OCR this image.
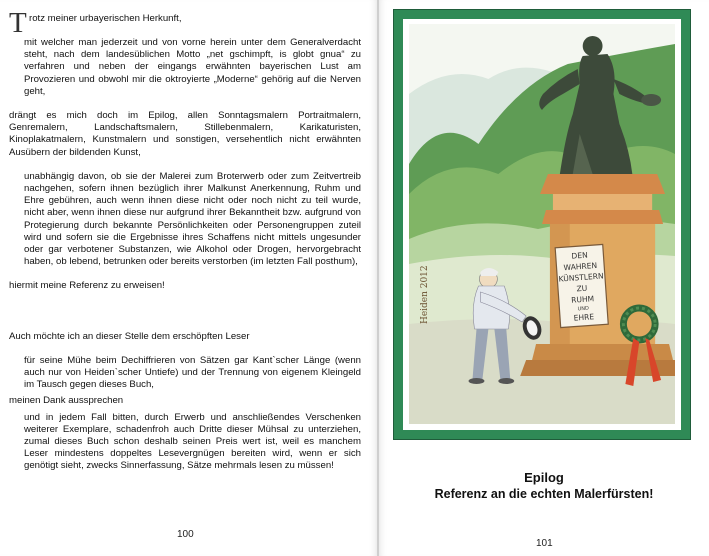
T rotz meiner urbayerischen Herkunft,

mit welcher man jederzeit und von vorne herein unter dem Generalverdacht steht, nach dem landesüblichen Motto „net gschimpft, is globt gnua“ zu verfahren und neben der eingangs erwähnten bayerischen Lust am Provozieren und obwohl mir die oktroyierte „Moderne“ gehörig auf die Nerven geht,

drängt es mich doch im Epilog, allen Sonntagsmalern Portraitmalern, Genremalern, Landschaftsmalern, Stillebenmalern, Karikaturisten, Kinoplakatmalern, Kunstmalern und sonstigen, versehentlich nicht erwähnten Ausübern der bildenden Kunst,

unabhängig davon, ob sie der Malerei zum Broterwerb oder zum Zeitvertreib nachgehen, sofern ihnen bezüglich ihrer Malkunst Anerkennung, Ruhm und Ehre gebühren, auch wenn ihnen diese nicht oder noch nicht zu teil wurde, nicht aber, wenn ihnen diese nur aufgrund ihrer Bekanntheit bzw. aufgrund von Protegierung durch bekannte Persönlichkeiten oder Personengruppen zuteil wird und sofern sie die Ergebnisse ihres Schaffens nicht mittels ungesunder oder gar verbotener Substanzen, wie Alkohol oder Drogen, hervorgebracht haben, ob lebend, betrunken oder bereits verstorben (im letzten Fall posthum),

hiermit meine Referenz zu erweisen!

Auch möchte ich an dieser Stelle dem erschöpften Leser

für seine Mühe beim Dechiffrieren von Sätzen gar Kant`scher Länge (wenn auch nur von Heiden`scher Untiefe) und der Trennung von eigenem Kleingeld im Tausch gegen dieses Buch,

meinen Dank aussprechen

und in jedem Fall bitten, durch Erwerb und anschließendes Verschenken weiterer Exemplare, schadenfroh auch Dritte dieser Mühsal zu unterziehen, zumal dieses Buch schon deshalb seinen Preis wert ist, weil es manchem Leser mindestens doppeltes Lesevergnügen bereiten wird, wenn er sich genötigt sieht, zwecks Sinnerfassung, Sätze mehrmals lesen zu müssen!

100
DEN
WAHREN
KÜNSTLERN
ZU
RUHM
UND
EHRE
Heiden 2012
101
Epilog
Referenz an die echten Malerfürsten!
